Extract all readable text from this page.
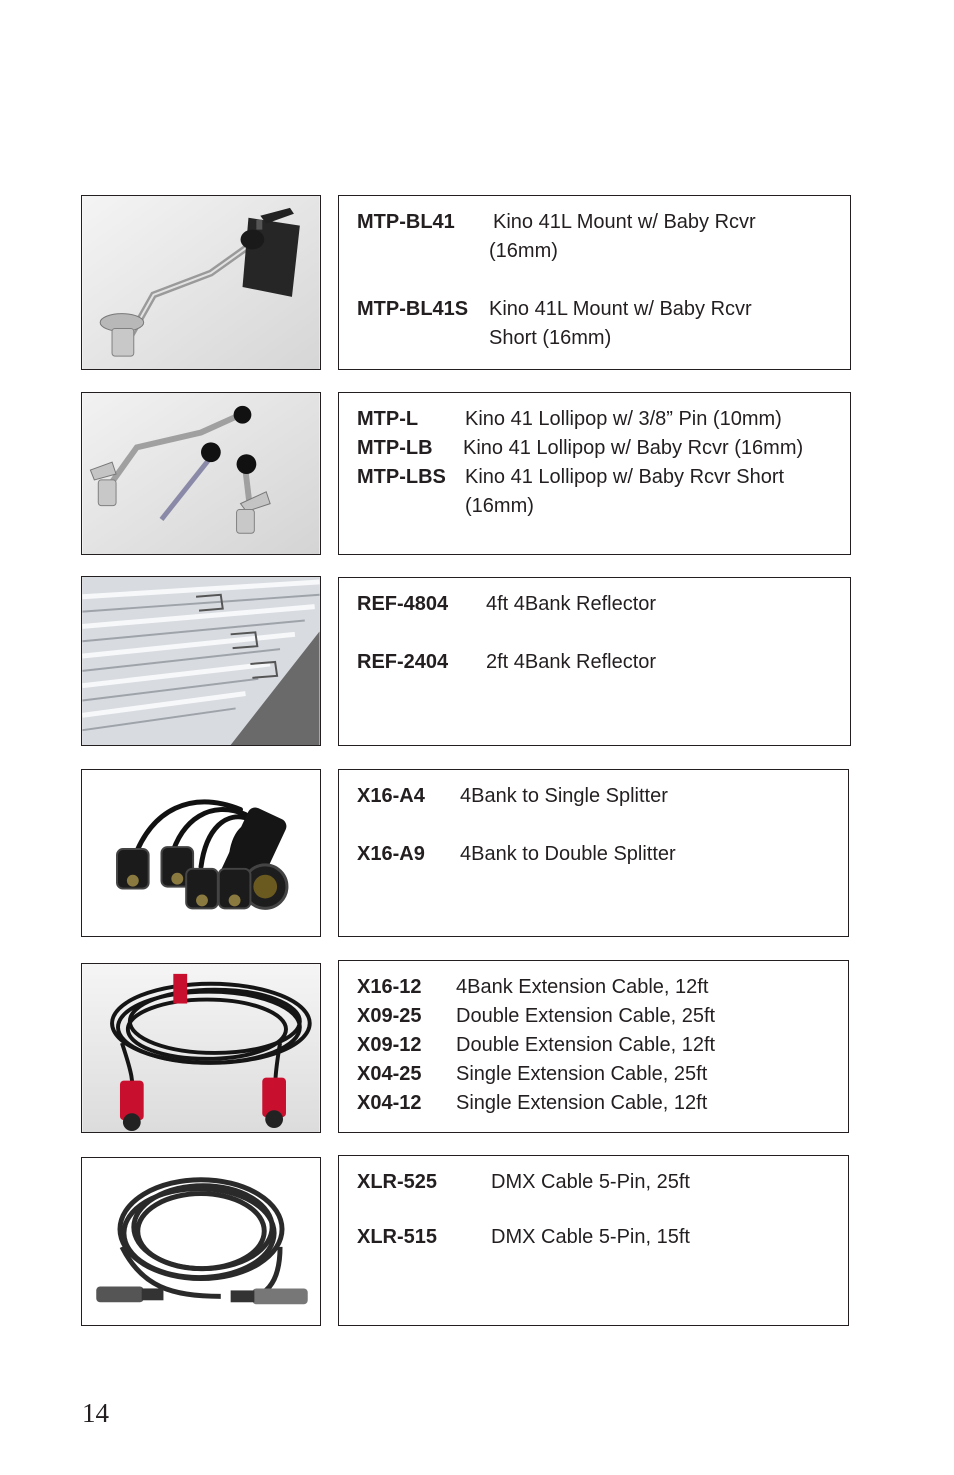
MTP-BL41	Kino 41L Mount w/ Baby Rcvr
(16mm)
MTP-BL41S	Kino 41L Mount w/ Baby Rcvr
Short (16mm)
MTP-L	Kino 41 Lollipop w/ 3/8” Pin (10mm)
MTP-LB	Kino 41 Lollipop w/ Baby Rcvr (16mm)
MTP-LBS Kino 41 Lollipop w/ Baby Rcvr Short
(16mm)
REF-4804	4ft 4Bank Reflector
REF-2404	2ft 4Bank Reflector
X16-A4	4Bank to Single Splitter
X16-A9	4Bank to Double Splitter
X16-12	4Bank Extension Cable, 12ft
X09-25	Double Extension Cable, 25ft
X09-12	Double Extension Cable, 12ft
X04-25	Single Extension Cable, 25ft
X04-12	Single Extension Cable, 12ft
XLR-525	DMX Cable 5-Pin, 25ft
XLR-515	DMX Cable 5-Pin, 15ft
14
